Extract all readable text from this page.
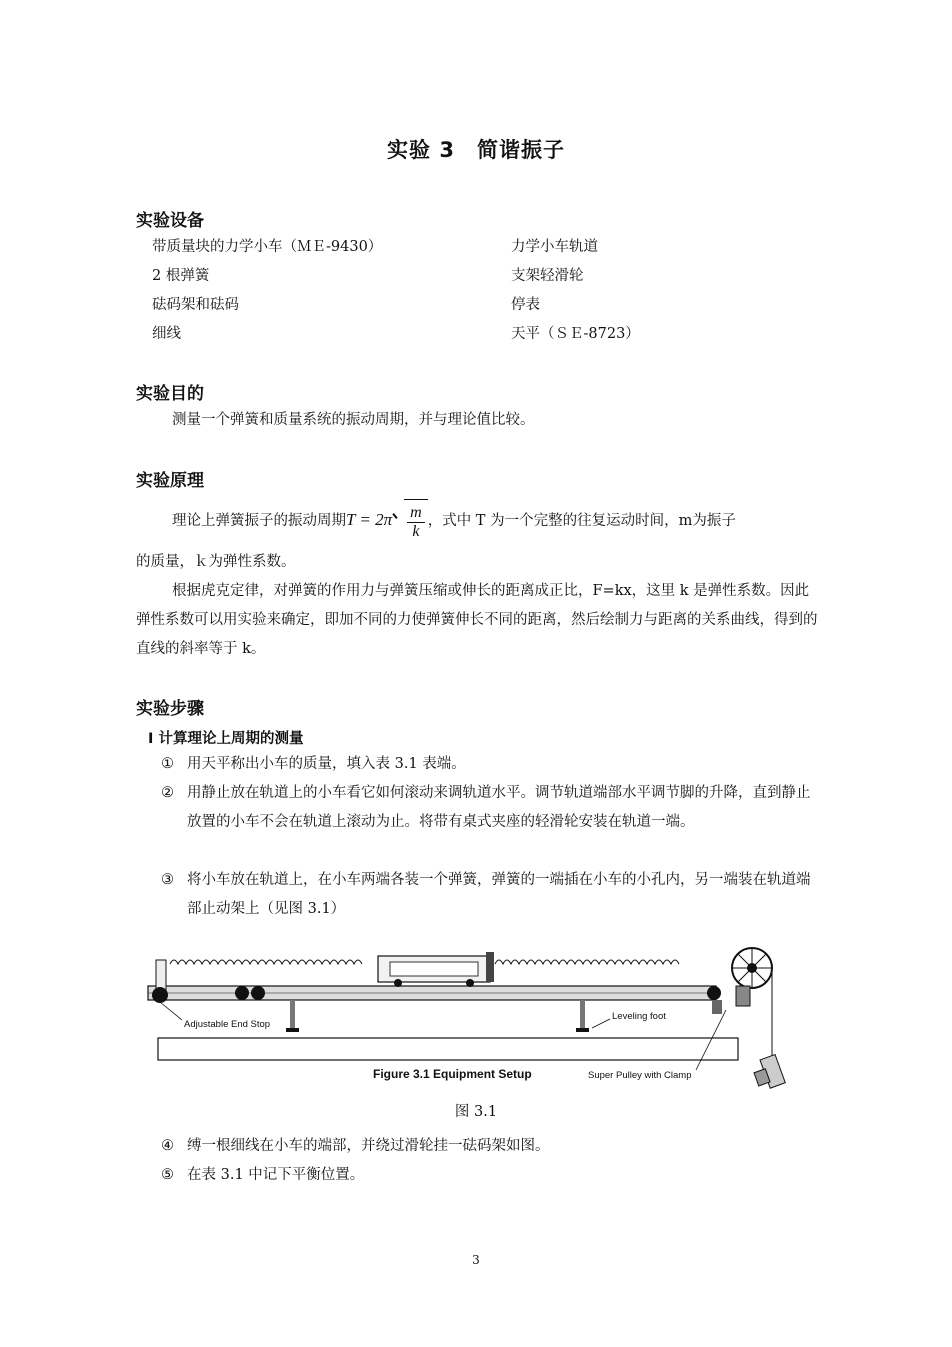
实验 3　简谐振子
实验设备
带质量块的力学小车（ＭＥ-9430）
2 根弹簧
砝码架和砝码
细线
力学小车轨道
支架轻滑轮
停表
天平（ＳＥ-8723）
实验目的
测量一个弹簧和质量系统的振动周期，并与理论值比较。
实验原理
理论上弹簧振子的振动周期$T = 2\pi \frac{m}{k}$ ，式中 T 为一个完整的往复运动时间，m为振子
的质量，ｋ为弹性系数。
根据虎克定律，对弹簧的作用力与弹簧压缩或伸长的距离成正比，F=kx，这里 k 是弹性系数。因此弹性系数可以用实验来确定，即加不同的力使弹簧伸长不同的距离，然后绘制力与距离的关系曲线，得到的直线的斜率等于 k。
实验步骤
Ⅰ 计算理论上周期的测量
① 用天平称出小车的质量，填入表 3.1 表端。
② 用静止放在轨道上的小车看它如何滚动来调轨道水平。调节轨道端部水平调节脚的升降，直到静止放置的小车不会在轨道上滚动为止。将带有桌式夹座的轻滑轮安装在轨道一端。
③ 将小车放在轨道上，在小车两端各装一个弹簧，弹簧的一端插在小车的小孔内，另一端装在轨道端部止动架上（见图 3.1）
Adjustable End Stop
Leveling foot
Figure 3.1 Equipment Setup	Super Pulley with Clamp
图 3.1
④ 缚一根细线在小车的端部，并绕过滑轮挂一砝码架如图。
⑤ 在表 3.1 中记下平衡位置。
3
